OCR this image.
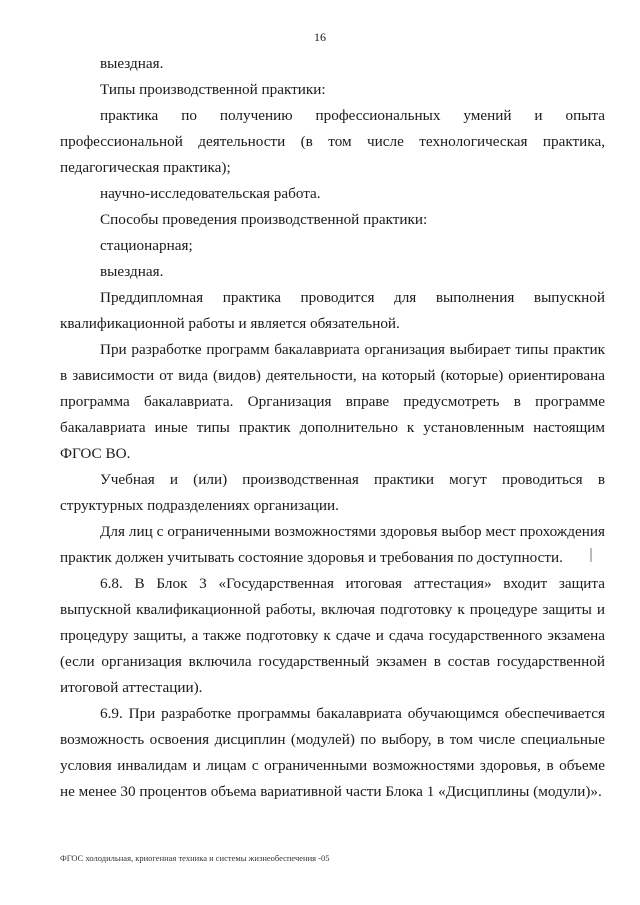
16

выездная.

Типы производственной практики:

практика по получению профессиональных умений и опыта профессиональной деятельности (в том числе технологическая практика, педагогическая практика);

научно-исследовательская работа.

Способы проведения производственной практики:

стационарная;

выездная.

Преддипломная практика проводится для выполнения выпускной квалификационной работы и является обязательной.

При разработке программ бакалавриата организация выбирает типы практик в зависимости от вида (видов) деятельности, на который (которые) ориентирована программа бакалавриата. Организация вправе предусмотреть в программе бакалавриата иные типы практик дополнительно к установленным настоящим ФГОС ВО.

Учебная и (или) производственная практики могут проводиться в структурных подразделениях организации.

Для лиц с ограниченными возможностями здоровья выбор мест прохождения практик должен учитывать состояние здоровья и требования по доступности.

6.8. В Блок 3 «Государственная итоговая аттестация» входит защита выпускной квалификационной работы, включая подготовку к процедуре защиты и процедуру защиты, а также подготовку к сдаче и сдача государственного экзамена (если организация включила государственный экзамен в состав государственной итоговой аттестации).

6.9. При разработке программы бакалавриата обучающимся обеспечивается возможность освоения дисциплин (модулей) по выбору, в том числе специальные условия инвалидам и лицам с ограниченными возможностями здоровья, в объеме не менее 30 процентов объема вариативной части Блока 1 «Дисциплины (модули)».

ФГОС холодильная, криогенная техника и системы жизнеобеспечения -05
